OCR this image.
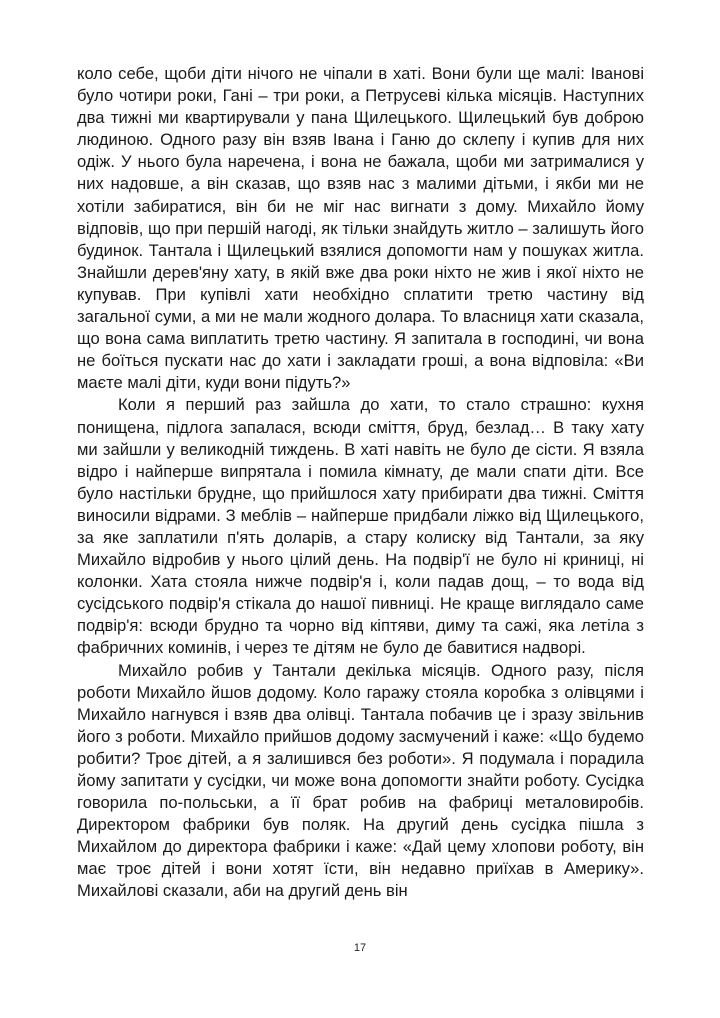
коло себе, щоби діти нічого не чіпали в хаті. Вони були ще малі: Іванові було чотири роки, Гані – три роки, а Петрусеві кілька місяців. Наступних два тижні ми квартирували у пана Щилецького. Щилецький був доброю людиною. Одного разу він взяв Івана і Ганю до склепу і купив для них одіж. У нього була наречена, і вона не бажала, щоби ми затрималися у них надовше, а він сказав, що взяв нас з малими дітьми, і якби ми не хотіли забиратися, він би не міг нас вигнати з дому. Михайло йому відповів, що при першій нагоді, як тільки знайдуть житло – залишуть його будинок. Тантала і Щилецький взялися допомогти нам у пошуках житла. Знайшли дерев'яну хату, в якій вже два роки ніхто не жив і якої ніхто не купував. При купівлі хати необхідно сплатити третю частину від загальної суми, а ми не мали жодного долара. То власниця хати сказала, що вона сама виплатить третю частину. Я запитала в господині, чи вона не боїться пускати нас до хати і закладати гроші, а вона відповіла: «Ви маєте малі діти, куди вони підуть?»

Коли я перший раз зайшла до хати, то стало страшно: кухня понищена, підлога запалася, всюди сміття, бруд, безлад… В таку хату ми зайшли у великодній тиждень. В хаті навіть не було де сісти. Я взяла відро і найперше випрятала і помила кімнату, де мали спати діти. Все було настільки брудне, що прийшлося хату прибирати два тижні. Сміття виносили відрами. З меблів – найперше придбали ліжко від Щилецького, за яке заплатили п'ять доларів, а стару колиску від Тантали, за яку Михайло відробив у нього цілий день. На подвір'ї не було ні криниці, ні колонки. Хата стояла нижче подвір'я і, коли падав дощ, – то вода від сусідського подвір'я стікала до нашої пивниці. Не краще виглядало саме подвір'я: всюди брудно та чорно від кіптяви, диму та сажі, яка летіла з фабричних коминів, і через те дітям не було де бавитися надворі.

Михайло робив у Тантали декілька місяців. Одного разу, після роботи Михайло йшов додому. Коло гаражу стояла коробка з олівцями і Михайло нагнувся і взяв два олівці. Тантала побачив це і зразу звільнив його з роботи. Михайло прийшов додому засмучений і каже: «Що будемо робити? Троє дітей, а я залишився без роботи». Я подумала і порадила йому запитати у сусідки, чи може вона допомогти знайти роботу. Сусідка говорила по-польськи, а її брат робив на фабриці металовиробів. Директором фабрики був поляк. На другий день сусідка пішла з Михайлом до директора фабрики і каже: «Дай цему хлопови роботу, він має троє дітей і вони хотят їсти, він недавно приїхав в Америку». Михайлові сказали, аби на другий день він

17
